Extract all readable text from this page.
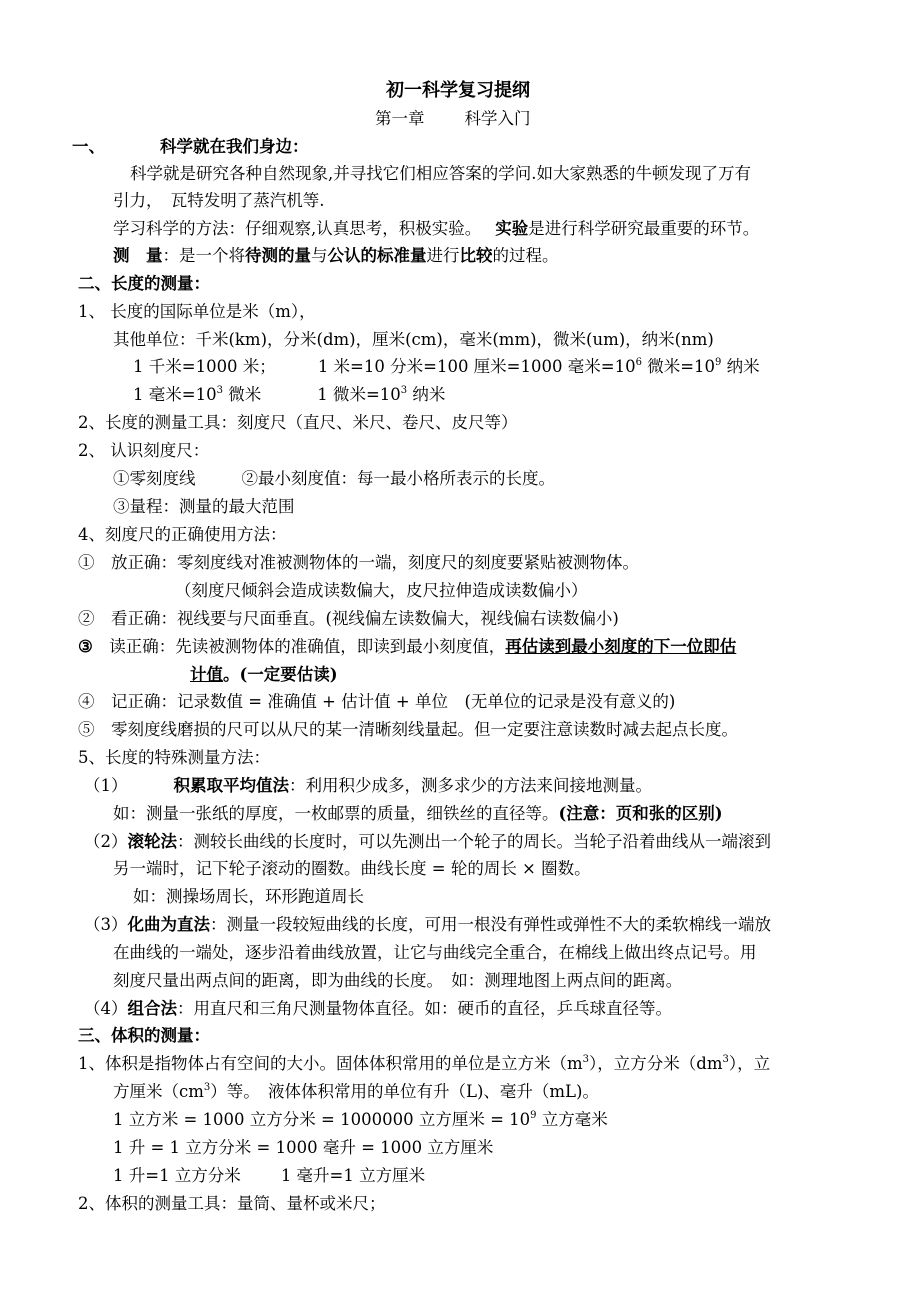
初一科学复习提纲
第一章 科学入门
一、	科学就在我们身边：
科学就是研究各种自然现象,并寻找它们相应答案的学问.如大家熟悉的牛顿发现了万有
引力，　瓦特发明了蒸汽机等.
学习科学的方法：仔细观察,认真思考，积极实验。 实验是进行科学研究最重要的环节。
测　量：是一个将待测的量与公认的标准量进行比较的过程。
二、长度的测量：
1、 长度的国际单位是米（m），
其他单位：千米(km)，分米(dm)，厘米(cm)，毫米(mm)，微米(um)，纳米(nm)
1 千米=1000 米；	1 米=10 分米=100 厘米=1000 毫米$=10^6$ 微米$=10^9$ 纳米
1 毫米$=10^3$ 微米	1 微米$=10^3$ 纳米
2、长度的测量工具：刻度尺（直尺、米尺、卷尺、皮尺等）
2、 认识刻度尺：
①零刻度线	②最小刻度值：每一最小格所表示的长度。
③量程：测量的最大范围
4、刻度尺的正确使用方法：
①　放正确：零刻度线对准被测物体的一端，刻度尺的刻度要紧贴被测物体。
（刻度尺倾斜会造成读数偏大，皮尺拉伸造成读数偏小）
②　看正确：视线要与尺面垂直。(视线偏左读数偏大，视线偏右读数偏小)
③　读正确：先读被测物体的准确值，即读到最小刻度值，再估读到最小刻度的下一位即估
计值。(一定要估读)
④　记正确：记录数值 = 准确值 + 估计值 + 单位　(无单位的记录是没有意义的)
⑤　零刻度线磨损的尺可以从尺的某一清晰刻线量起。但一定要注意读数时减去起点长度。
5、长度的特殊测量方法：
（1）	积累取平均值法：利用积少成多，测多求少的方法来间接地测量。
如：测量一张纸的厚度，一枚邮票的质量，细铁丝的直径等。(注意：页和张的区别)
（2）滚轮法：测较长曲线的长度时，可以先测出一个轮子的周长。当轮子沿着曲线从一端滚到
另一端时，记下轮子滚动的圈数。曲线长度 = 轮的周长 × 圈数。
如：测操场周长，环形跑道周长
（3）化曲为直法：测量一段较短曲线的长度，可用一根没有弹性或弹性不大的柔软棉线一端放
在曲线的一端处，逐步沿着曲线放置，让它与曲线完全重合，在棉线上做出终点记号。用
刻度尺量出两点间的距离，即为曲线的长度。　如：测理地图上两点间的距离。
（4）组合法：用直尺和三角尺测量物体直径。如：硬币的直径，乒乓球直径等。
三、体积的测量：
1、体积是指物体占有空间的大小。固体体积常用的单位是立方米$(m^3)$，立方分米$(dm^3)$，立
方厘米$(cm^3)$等。　液体体积常用的单位有升（L)、毫升（mL)。
1 立方米 = 1000 立方分米 = 1000000 立方厘米 = $10^9$ 立方毫米
1 升 = 1 立方分米 = 1000 毫升 = 1000 立方厘米
1 升=1 立方分米 1 毫升=1 立方厘米
2、体积的测量工具：量筒、量杯或米尺；
